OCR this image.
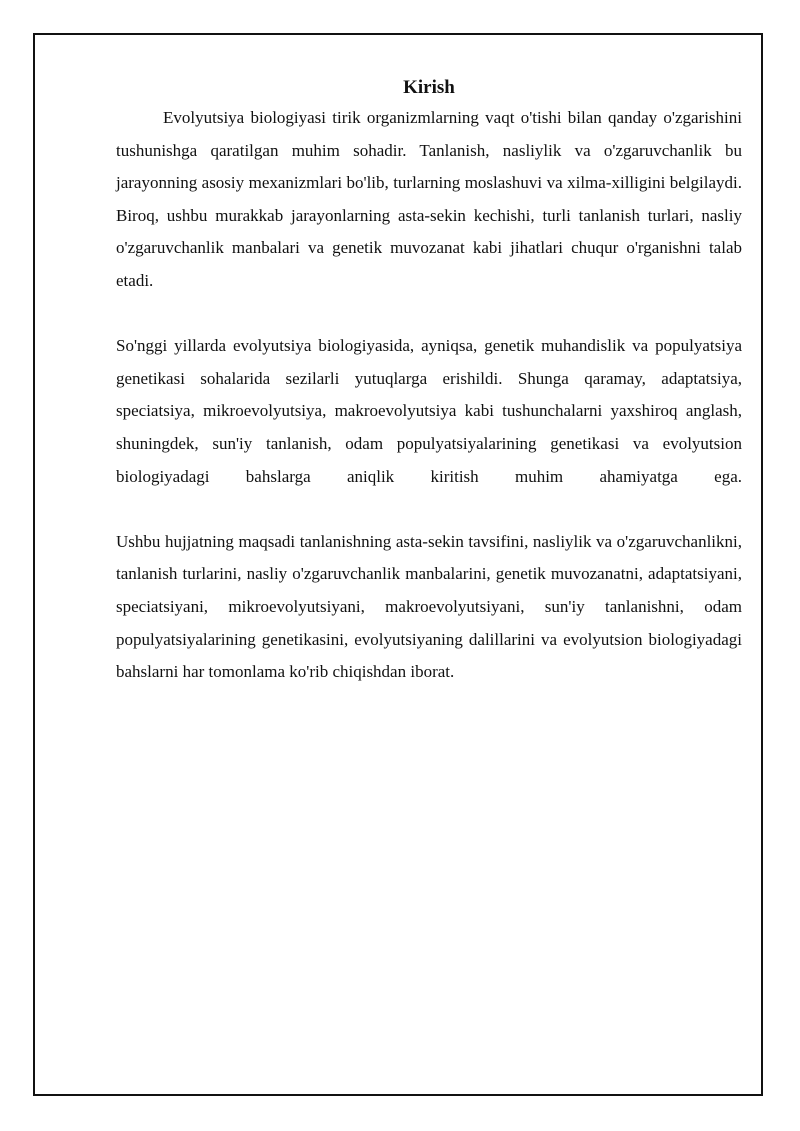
Kirish

Evolyutsiya biologiyasi tirik organizmlarning vaqt o'tishi bilan qanday o'zgarishini tushunishga qaratilgan muhim sohadir. Tanlanish, nasliylik va o'zgaruvchanlik bu jarayonning asosiy mexanizmlari bo'lib, turlarning moslashuvi va xilma-xilligini belgilaydi. Biroq, ushbu murakkab jarayonlarning asta-sekin kechishi, turli tanlanish turlari, nasliy o'zgaruvchanlik manbalari va genetik muvozanat kabi jihatlari chuqur o'rganishni talab etadi.

So'nggi yillarda evolyutsiya biologiyasida, ayniqsa, genetik muhandislik va populyatsiya genetikasi sohalarida sezilarli yutuqlarga erishildi. Shunga qaramay, adaptatsiya, speciatsiya, mikroevolyutsiya, makroevolyutsiya kabi tushunchalarni yaxshiroq anglash, shuningdek, sun'iy tanlanish, odam populyatsiyalarining genetikasi va evolyutsion biologiyadagi bahslarga aniqlik kiritish muhim ahamiyatga ega.

Ushbu hujjatning maqsadi tanlanishning asta-sekin tavsifini, nasliylik va o'zgaruvchanlikni, tanlanish turlarini, nasliy o'zgaruvchanlik manbalarini, genetik muvozanatni, adaptatsiyani, speciatsiyani, mikroevolyutsiyani, makroevolyutsiyani, sun'iy tanlanishni, odam populyatsiyalarining genetikasini, evolyutsiyaning dalillarini va evolyutsion biologiyadagi bahslarni har tomonlama ko'rib chiqishdan iborat.
